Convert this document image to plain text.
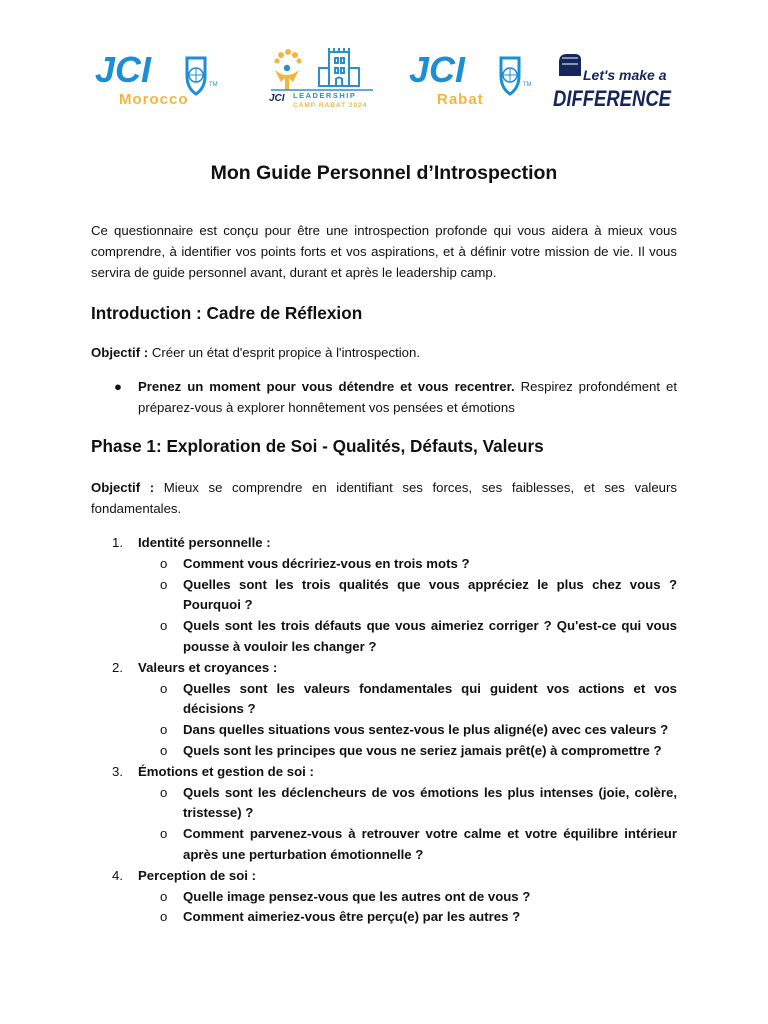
JCI	TM
Morocco	JCI LEADERSHIP
CAMP RABAT 2024
JCI	TM
Rabat
Let's make a
DIFFERENCE
Mon Guide Personnel d’Introspection

Ce questionnaire est conçu pour être une introspection profonde qui vous aidera à mieux vous comprendre, à identifier vos points forts et vos aspirations, et à définir votre mission de vie. Il vous servira de guide personnel avant, durant et après le leadership camp.

Introduction : Cadre de Réflexion

Objectif : Créer un état d'esprit propice à l'introspection.

● Prenez un moment pour vous détendre et vous recentrer. Respirez profondément et préparez-vous à explorer honnêtement vos pensées et émotions
Phase 1: Exploration de Soi - Qualités, Défauts, Valeurs

Objectif : Mieux se comprendre en identifiant ses forces, ses faiblesses, et ses valeurs fondamentales.

1. Identité personnelle :
o Comment vous décririez-vous en trois mots ?
o Quelles sont les trois qualités que vous appréciez le plus chez vous ? Pourquoi ?
o Quels sont les trois défauts que vous aimeriez corriger ? Qu'est-ce qui vous pousse à vouloir les changer ?
2. Valeurs et croyances :
o Quelles sont les valeurs fondamentales qui guident vos actions et vos décisions ?
o Dans quelles situations vous sentez-vous le plus aligné(e) avec ces valeurs ?
o Quels sont les principes que vous ne seriez jamais prêt(e) à compromettre ?
3. Émotions et gestion de soi :
o Quels sont les déclencheurs de vos émotions les plus intenses (joie, colère, tristesse) ?
o Comment parvenez-vous à retrouver votre calme et votre équilibre intérieur après une perturbation émotionnelle ?
4. Perception de soi :
o Quelle image pensez-vous que les autres ont de vous ?
o Comment aimeriez-vous être perçu(e) par les autres ?
